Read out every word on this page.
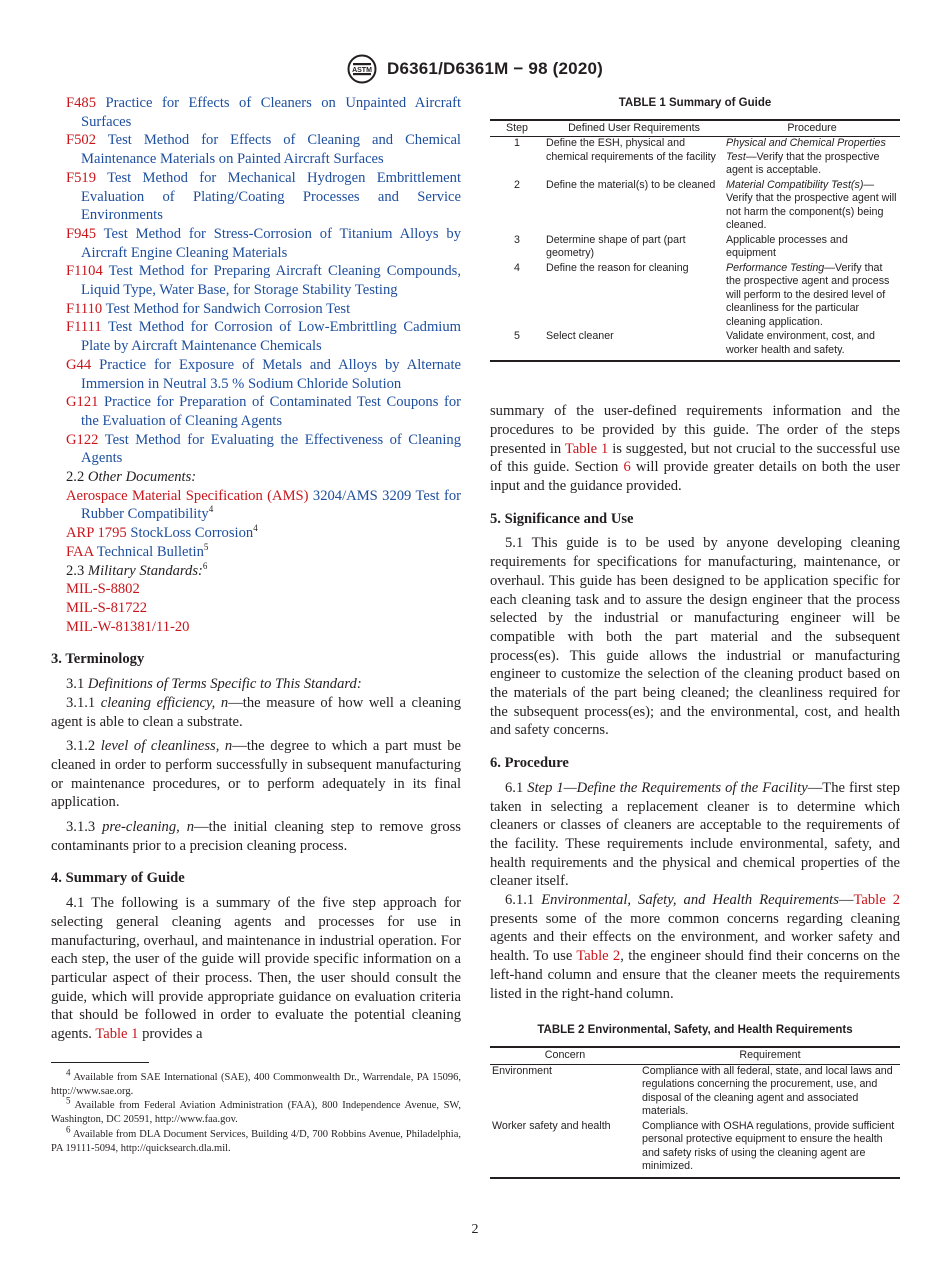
ASTM D6361/D6361M − 98 (2020)

F485 Practice for Effects of Cleaners on Unpainted Aircraft Surfaces

F502 Test Method for Effects of Cleaning and Chemical Maintenance Materials on Painted Aircraft Surfaces

F519 Test Method for Mechanical Hydrogen Embrittlement Evaluation of Plating/Coating Processes and Service Environments

F945 Test Method for Stress-Corrosion of Titanium Alloys by Aircraft Engine Cleaning Materials

F1104 Test Method for Preparing Aircraft Cleaning Compounds, Liquid Type, Water Base, for Storage Stability Testing

F1110 Test Method for Sandwich Corrosion Test

F1111 Test Method for Corrosion of Low-Embrittling Cadmium Plate by Aircraft Maintenance Chemicals

G44 Practice for Exposure of Metals and Alloys by Alternate Immersion in Neutral 3.5 % Sodium Chloride Solution

G121 Practice for Preparation of Contaminated Test Coupons for the Evaluation of Cleaning Agents

G122 Test Method for Evaluating the Effectiveness of Cleaning Agents

2.2 Other Documents:

Aerospace Material Specification (AMS) 3204/AMS 3209 Test for Rubber Compatibility$^4$

ARP 1795 StockLoss Corrosion$^4$

FAA Technical Bulletin$^5$

2.3 Military Standards:$^6$

MIL-S-8802

MIL-S-81722

MIL-W-81381/11-20

3. Terminology

3.1 Definitions of Terms Specific to This Standard:

3.1.1 cleaning efficiency, n—the measure of how well a cleaning agent is able to clean a substrate.

3.1.2 level of cleanliness, n—the degree to which a part must be cleaned in order to perform successfully in subsequent manufacturing or maintenance procedures, or to perform adequately in its final application.

3.1.3 pre-cleaning, n—the initial cleaning step to remove gross contaminants prior to a precision cleaning process.

4. Summary of Guide

4.1 The following is a summary of the five step approach for selecting general cleaning agents and processes for use in manufacturing, overhaul, and maintenance in industrial operation. For each step, the user of the guide will provide specific information on a particular aspect of their process. Then, the user should consult the guide, which will provide appropriate guidance on evaluation criteria that should be followed in order to evaluate the potential cleaning agents. Table 1 provides a

$^4$ Available from SAE International (SAE), 400 Commonwealth Dr., Warrendale, PA 15096, http://www.sae.org.

$^5$ Available from Federal Aviation Administration (FAA), 800 Independence Avenue, SW, Washington, DC 20591, http://www.faa.gov.

$^6$ Available from DLA Document Services, Building 4/D, 700 Robbins Avenue, Philadelphia, PA 19111-5094, http://quicksearch.dla.mil.

TABLE 1 Summary of Guide
Step	Defined User Requirements	Procedure
1	Define the ESH, physical and chemical requirements of the facility	Physical and Chemical Properties Test—Verify that the prospective agent is acceptable.
2	Define the material(s) to be cleaned	Material Compatibility Test(s)—Verify that the prospective agent will not harm the component(s) being cleaned.
3	Determine shape of part (part geometry)	Applicable processes and equipment
4	Define the reason for cleaning	Performance Testing—Verify that the prospective agent and process will perform to the desired level of cleanliness for the particular cleaning application.
5	Select cleaner	Validate environment, cost, and worker health and safety.

summary of the user-defined requirements information and the procedures to be provided by this guide. The order of the steps presented in Table 1 is suggested, but not crucial to the successful use of this guide. Section 6 will provide greater details on both the user input and the guidance provided.

5. Significance and Use

5.1 This guide is to be used by anyone developing cleaning requirements for specifications for manufacturing, maintenance, or overhaul. This guide has been designed to be application specific for each cleaning task and to assure the design engineer that the process selected by the industrial or manufacturing engineer will be compatible with both the part material and the subsequent process(es). This guide allows the industrial or manufacturing engineer to customize the selection of the cleaning product based on the materials of the part being cleaned; the cleanliness required for the subsequent process(es); and the environmental, cost, and health and safety concerns.

6. Procedure

6.1 Step 1—Define the Requirements of the Facility—The first step taken in selecting a replacement cleaner is to determine which cleaners or classes of cleaners are acceptable to the requirements of the facility. These requirements include environmental, safety, and health requirements and the physical and chemical properties of the cleaner itself.

6.1.1 Environmental, Safety, and Health Requirements—Table 2 presents some of the more common concerns regarding cleaning agents and their effects on the environment, and worker safety and health. To use Table 2, the engineer should find their concerns on the left-hand column and ensure that the cleaner meets the requirements listed in the right-hand column.

TABLE 2 Environmental, Safety, and Health Requirements
Concern	Requirement
Environment	Compliance with all federal, state, and local laws and regulations concerning the procurement, use, and disposal of the cleaning agent and associated materials.
Worker safety and health	Compliance with OSHA regulations, provide sufficient personal protective equipment to ensure the health and safety risks of using the cleaning agent are minimized.
2
